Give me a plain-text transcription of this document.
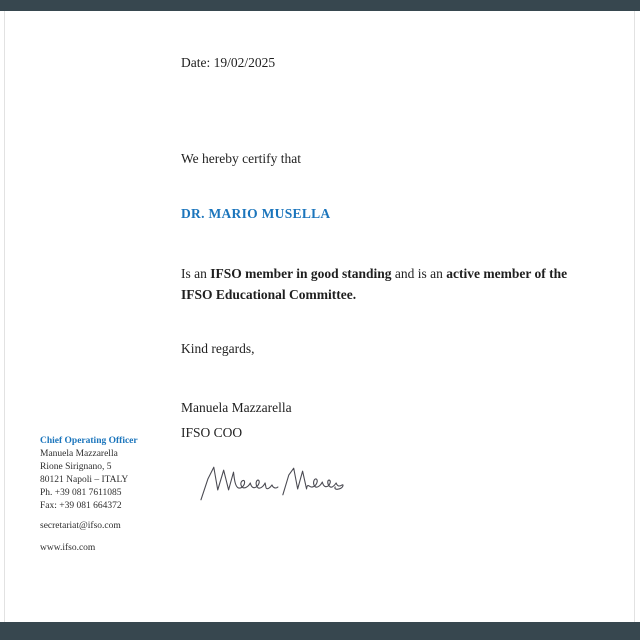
Date: 19/02/2025
We hereby certify that
DR. MARIO MUSELLA
Is an IFSO member in good standing and is an active member of the IFSO Educational Committee.
Kind regards,
Manuela Mazzarella
IFSO COO
Chief Operating Officer
Manuela Mazzarella
Rione Sirignano, 5
80121 Napoli – ITALY
Ph. +39 081 7611085
Fax: +39 081 664372
secretariat@ifso.com
www.ifso.com
